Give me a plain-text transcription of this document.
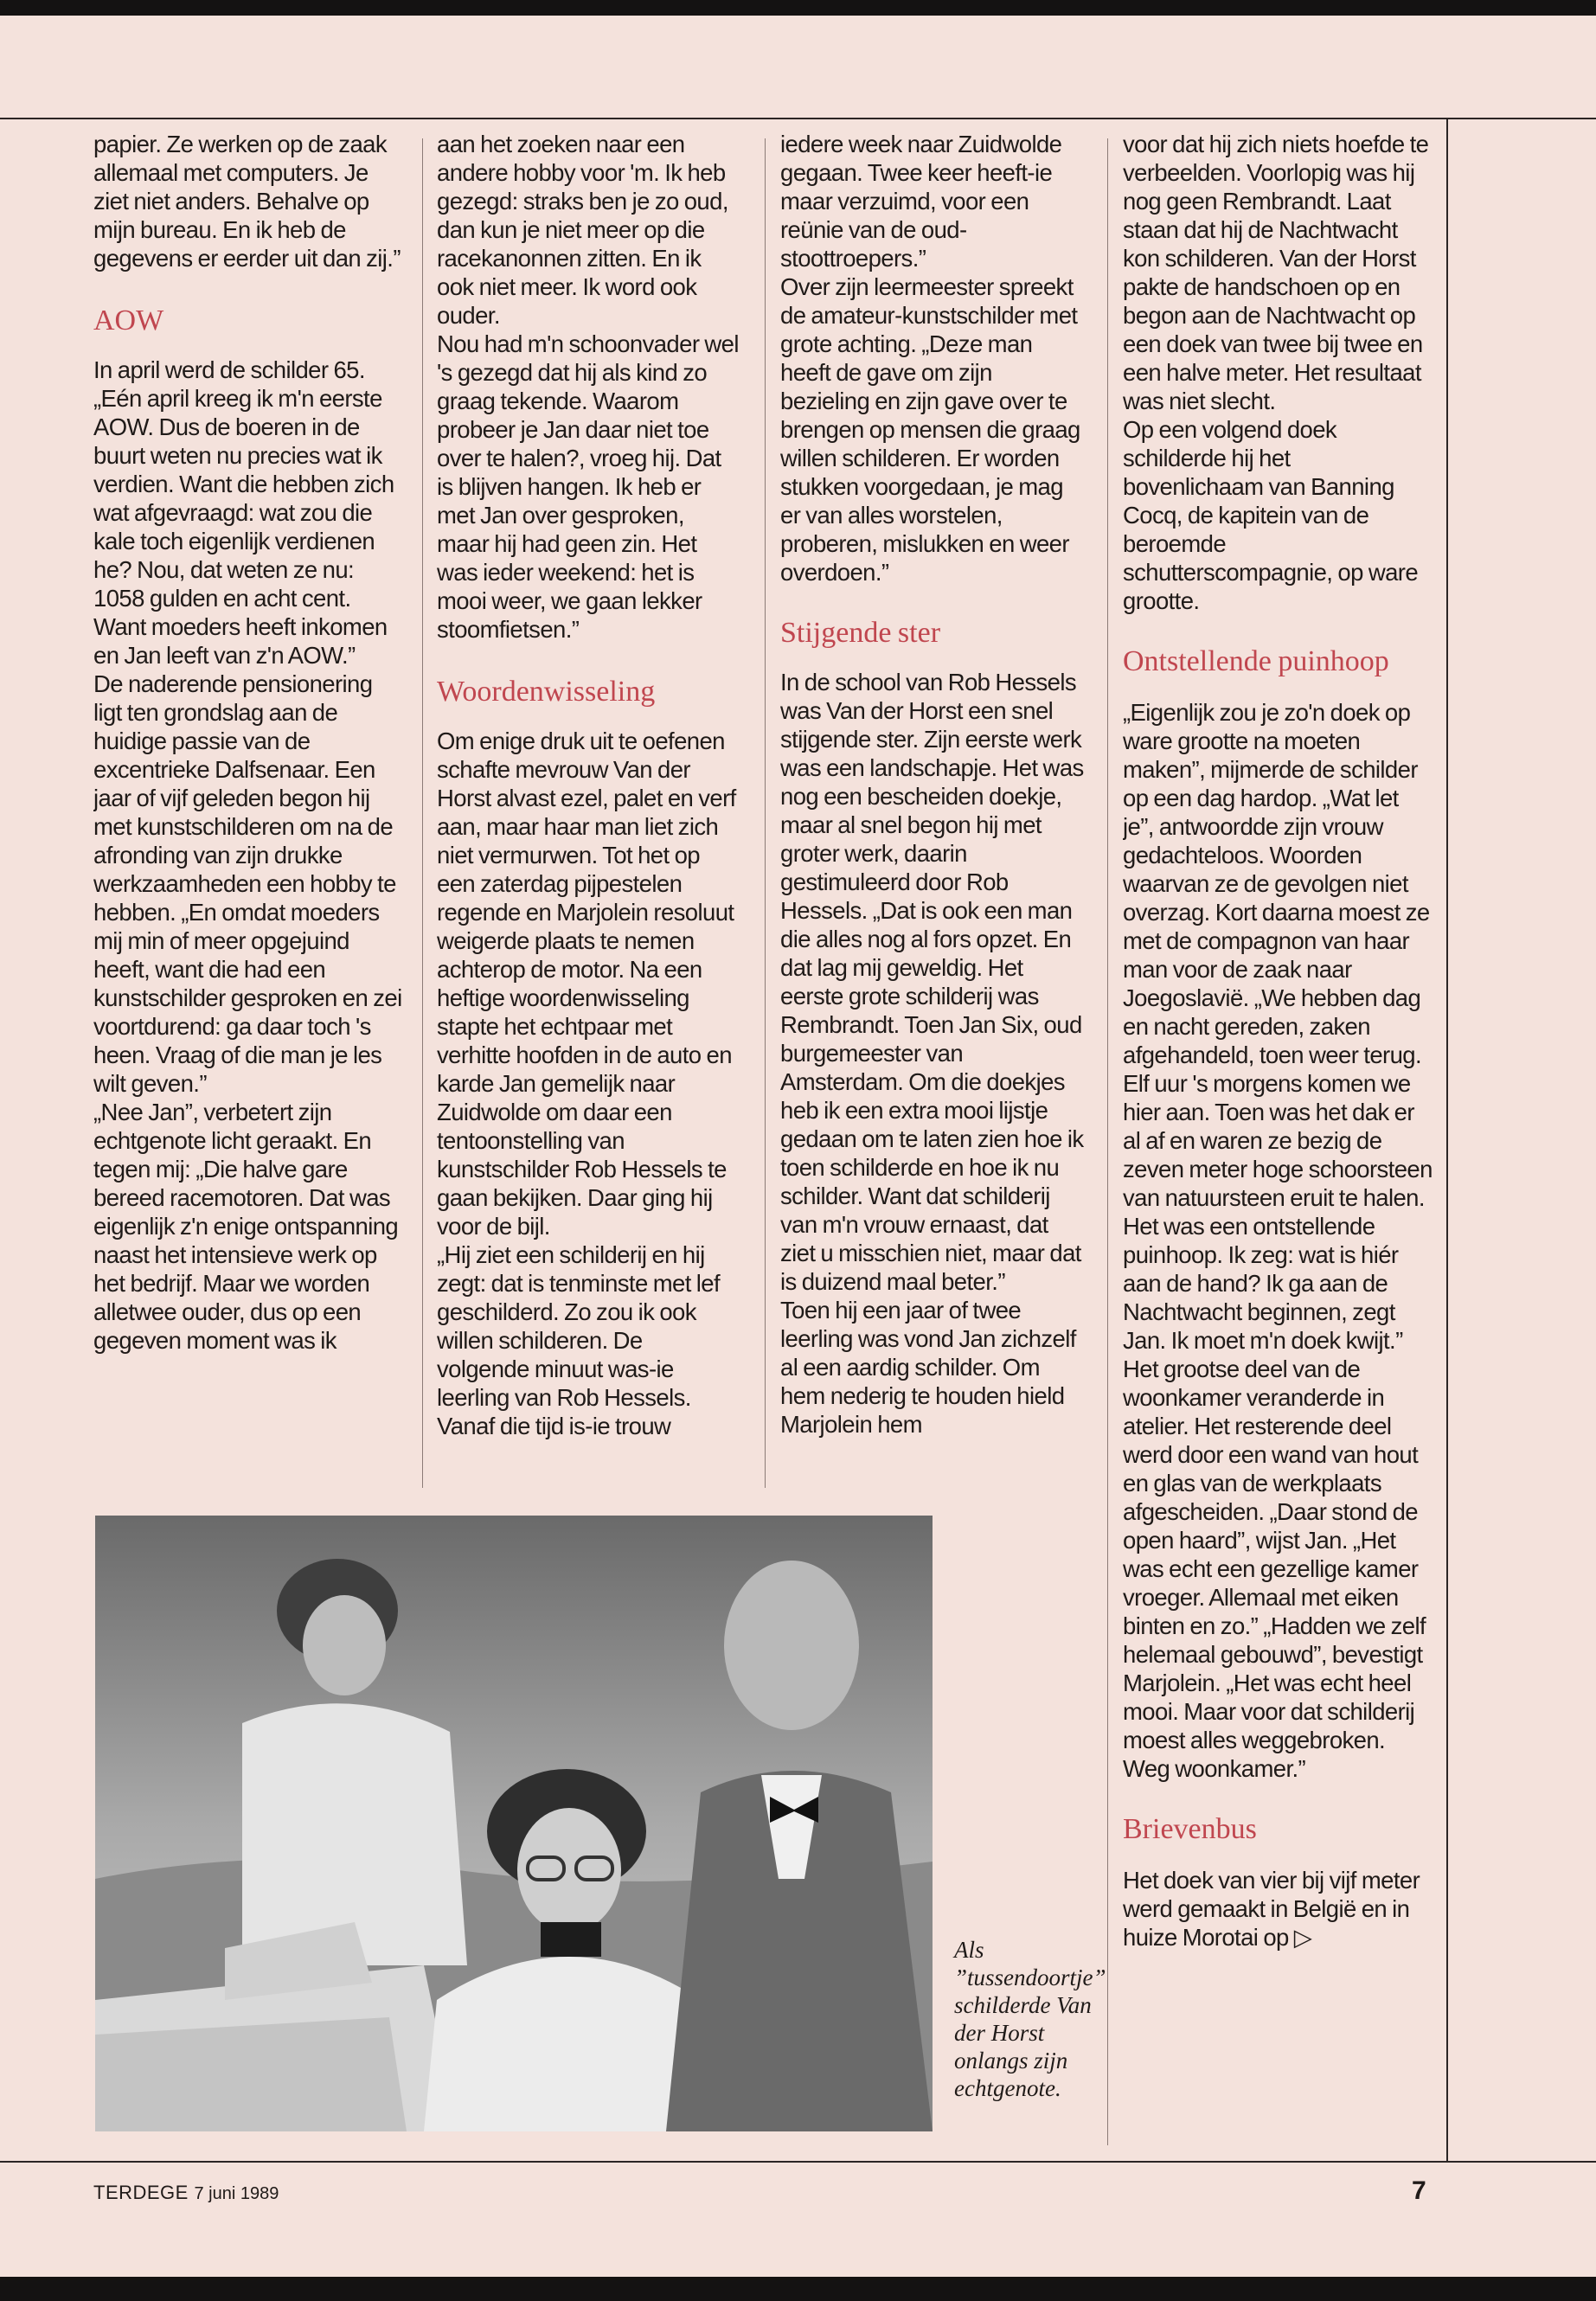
papier. Ze werken op de zaak allemaal met computers. Je ziet niet anders. Behalve op mijn bureau. En ik heb de gegevens er eerder uit dan zij.”

AOW

In april werd de schilder 65. „Eén april kreeg ik m'n eerste AOW. Dus de boeren in de buurt weten nu precies wat ik verdien. Want die hebben zich wat afgevraagd: wat zou die kale toch eigenlijk verdienen he? Nou, dat weten ze nu: 1058 gulden en acht cent. Want moeders heeft inkomen en Jan leeft van z'n AOW.”

De naderende pensionering ligt ten grondslag aan de huidige passie van de excentrieke Dalfsenaar. Een jaar of vijf geleden begon hij met kunstschilderen om na de afronding van zijn drukke werkzaamheden een hobby te hebben. „En omdat moeders mij min of meer opgejuind heeft, want die had een kunstschilder gesproken en zei voortdurend: ga daar toch 's heen. Vraag of die man je les wilt geven.”

„Nee Jan”, verbetert zijn echtgenote licht geraakt. En tegen mij: „Die halve gare bereed racemotoren. Dat was eigenlijk z'n enige ontspanning naast het intensieve werk op het bedrijf. Maar we worden alletwee ouder, dus op een gegeven moment was ik

aan het zoeken naar een andere hobby voor 'm. Ik heb gezegd: straks ben je zo oud, dan kun je niet meer op die racekanonnen zitten. En ik ook niet meer. Ik word ook ouder.

Nou had m'n schoonvader wel 's gezegd dat hij als kind zo graag tekende. Waarom probeer je Jan daar niet toe over te halen?, vroeg hij. Dat is blijven hangen. Ik heb er met Jan over gesproken, maar hij had geen zin. Het was ieder weekend: het is mooi weer, we gaan lekker stoomfietsen.”

Woordenwisseling

Om enige druk uit te oefenen schafte mevrouw Van der Horst alvast ezel, palet en verf aan, maar haar man liet zich niet vermurwen. Tot het op een zaterdag pijpestelen regende en Marjolein resoluut weigerde plaats te nemen achterop de motor. Na een heftige woordenwisseling stapte het echtpaar met verhitte hoofden in de auto en karde Jan gemelijk naar Zuidwolde om daar een tentoonstelling van kunstschilder Rob Hessels te gaan bekijken. Daar ging hij voor de bijl.

„Hij ziet een schilderij en hij zegt: dat is tenminste met lef geschilderd. Zo zou ik ook willen schilderen. De volgende minuut was-ie leerling van Rob Hessels. Vanaf die tijd is-ie trouw

iedere week naar Zuidwolde gegaan. Twee keer heeft-ie maar verzuimd, voor een reünie van de oud-stoottroepers.”

Over zijn leermeester spreekt de amateur-kunstschilder met grote achting. „Deze man heeft de gave om zijn bezieling en zijn gave over te brengen op mensen die graag willen schilderen. Er worden stukken voorgedaan, je mag er van alles worstelen, proberen, mislukken en weer overdoen.”

Stijgende ster

In de school van Rob Hessels was Van der Horst een snel stijgende ster. Zijn eerste werk was een landschapje. Het was nog een bescheiden doekje, maar al snel begon hij met groter werk, daarin gestimuleerd door Rob Hessels. „Dat is ook een man die alles nog al fors opzet. En dat lag mij geweldig. Het eerste grote schilderij was Rembrandt. Toen Jan Six, oud burgemeester van Amsterdam. Om die doekjes heb ik een extra mooi lijstje gedaan om te laten zien hoe ik toen schilderde en hoe ik nu schilder. Want dat schilderij van m'n vrouw ernaast, dat ziet u misschien niet, maar dat is duizend maal beter.”

Toen hij een jaar of twee leerling was vond Jan zichzelf al een aardig schilder. Om hem nederig te houden hield Marjolein hem

voor dat hij zich niets hoefde te verbeelden. Voorlopig was hij nog geen Rembrandt. Laat staan dat hij de Nachtwacht kon schilderen. Van der Horst pakte de handschoen op en begon aan de Nachtwacht op een doek van twee bij twee en een halve meter. Het resultaat was niet slecht.

Op een volgend doek schilderde hij het bovenlichaam van Banning Cocq, de kapitein van de beroemde schutterscompagnie, op ware grootte.

Ontstellende puinhoop

„Eigenlijk zou je zo'n doek op ware grootte na moeten maken”, mijmerde de schilder op een dag hardop. „Wat let je”, antwoordde zijn vrouw gedachteloos. Woorden waarvan ze de gevolgen niet overzag. Kort daarna moest ze met de compagnon van haar man voor de zaak naar Joegoslavië. „We hebben dag en nacht gereden, zaken afgehandeld, toen weer terug. Elf uur 's morgens komen we hier aan. Toen was het dak er al af en waren ze bezig de zeven meter hoge schoorsteen van natuursteen eruit te halen. Het was een ontstellende puinhoop. Ik zeg: wat is hiér aan de hand? Ik ga aan de Nachtwacht beginnen, zegt Jan. Ik moet m'n doek kwijt.”

Het grootse deel van de woonkamer veranderde in atelier. Het resterende deel werd door een wand van hout en glas van de werkplaats afgescheiden. „Daar stond de open haard”, wijst Jan. „Het was echt een gezellige kamer vroeger. Allemaal met eiken binten en zo.” „Hadden we zelf helemaal gebouwd”, bevestigt Marjolein. „Het was echt heel mooi. Maar voor dat schilderij moest alles weggebroken. Weg woonkamer.”

Brievenbus

Het doek van vier bij vijf meter werd gemaakt in België en in huize Morotai op ▷

Als ”tussendoortje” schilderde Van der Horst onlangs zijn echtgenote.
TERDEGE 7 juni 1989	7
